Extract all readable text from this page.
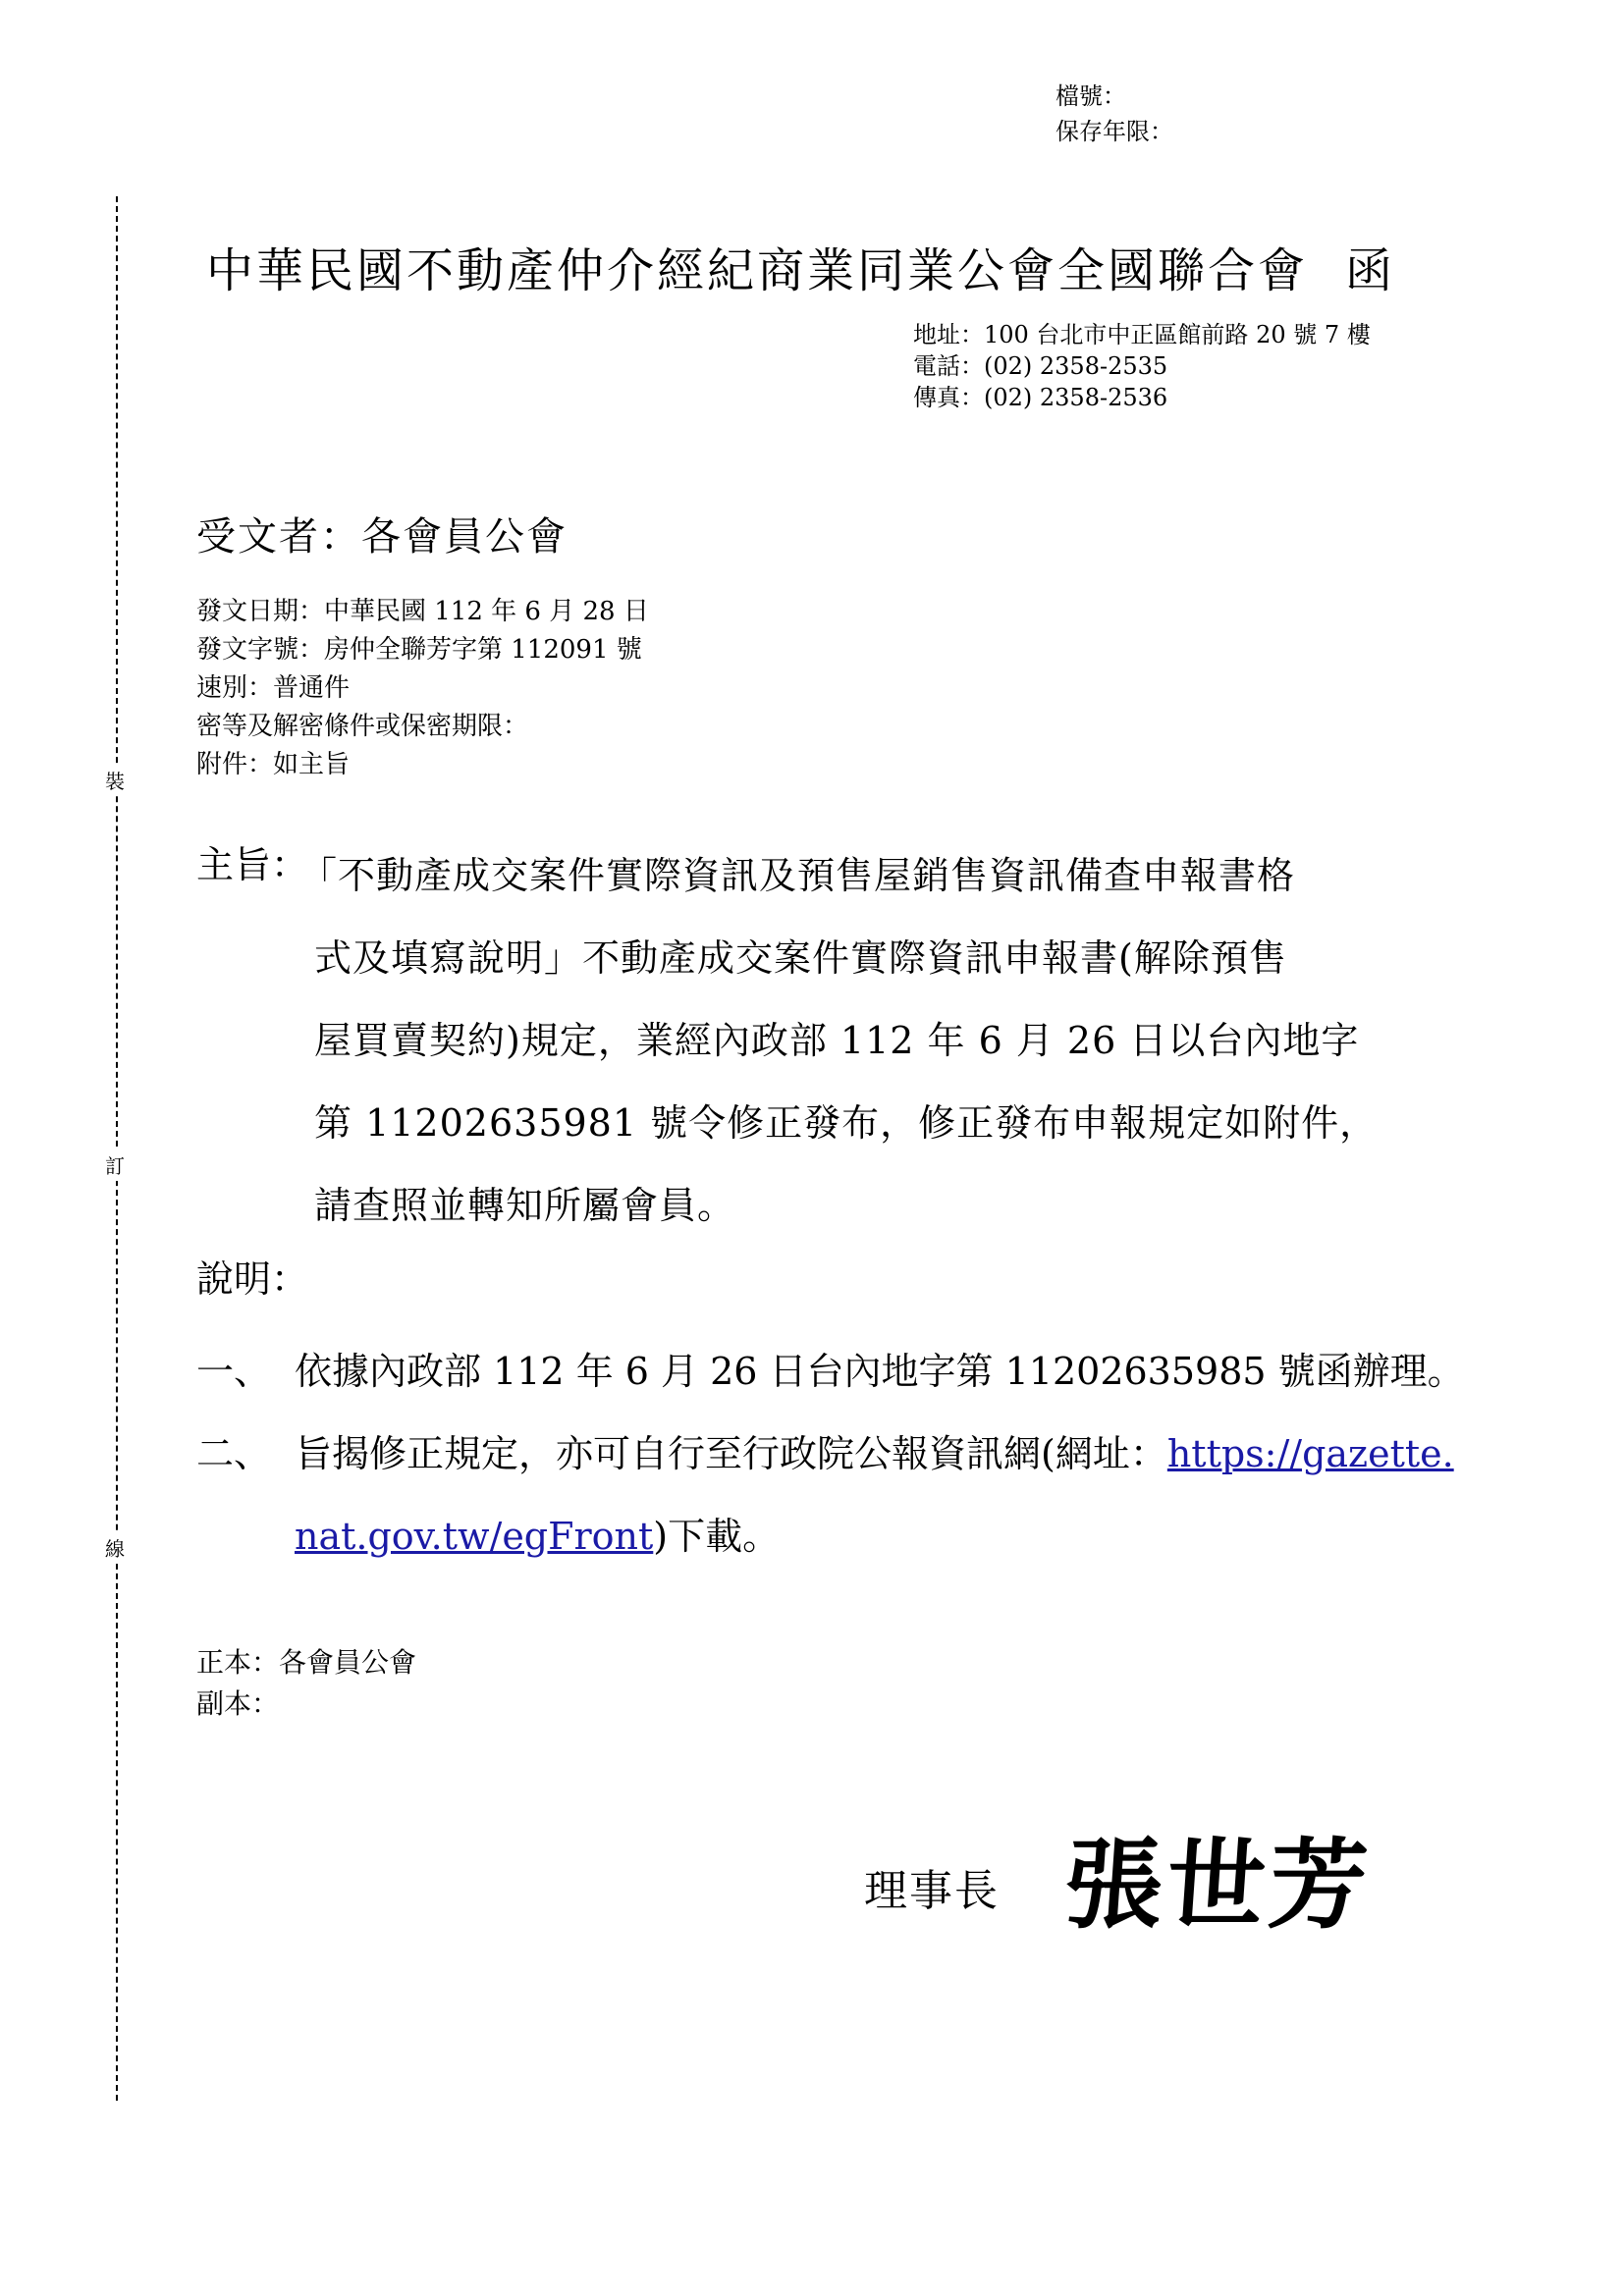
檔號：
保存年限：
裝
訂
線
中華民國不動產仲介經紀商業同業公會全國聯合會 函
地址：100 台北市中正區館前路 20 號 7 樓
電話：(02) 2358-2535
傳真：(02) 2358-2536
受文者：各會員公會
發文日期：中華民國 112 年 6 月 28 日
發文字號：房仲全聯芳字第 112091 號
速別：普通件
密等及解密條件或保密期限：
附件：如主旨
主旨：
「不動產成交案件實際資訊及預售屋銷售資訊備查申報書格
式及填寫說明」不動產成交案件實際資訊申報書(解除預售
屋買賣契約)規定，業經內政部 112 年 6 月 26 日以台內地字
第 11202635981 號令修正發布，修正發布申報規定如附件，
請查照並轉知所屬會員。
說明：
一、 依據內政部 112 年 6 月 26 日台內地字第 11202635985 號函辦理。
二、 旨揭修正規定，亦可自行至行政院公報資訊網(網址：https://gazette.
nat.gov.tw/egFront)下載。
正本：各會員公會
副本：
理事長 張世芳
